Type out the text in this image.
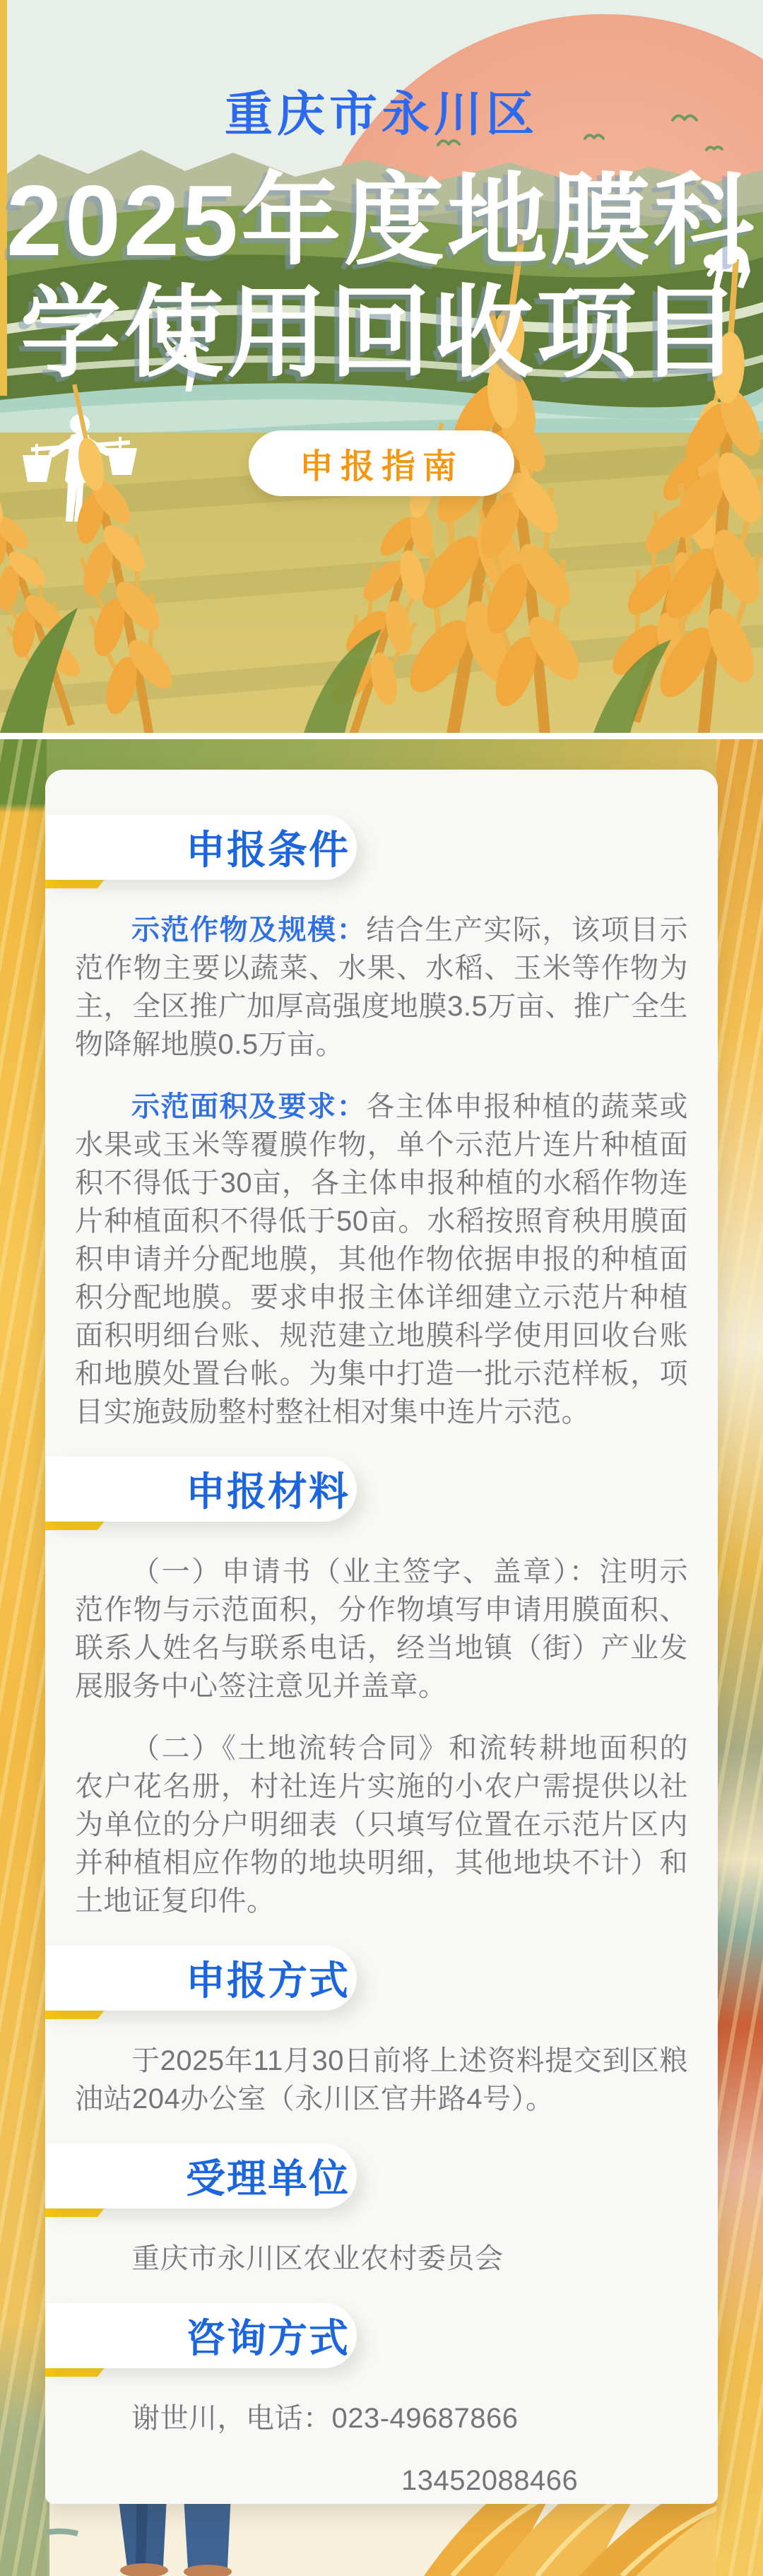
重庆市永川区
2025年度地膜科
学使用回收项目
申报指南
申报条件

示范作物及规模：结合生产实际，该项目示范作物主要以蔬菜、水果、水稻、玉米等作物为主，全区推广加厚高强度地膜3.5万亩、推广全生物降解地膜0.5万亩。

示范面积及要求：各主体申报种植的蔬菜或水果或玉米等覆膜作物，单个示范片连片种植面积不得低于30亩，各主体申报种植的水稻作物连片种植面积不得低于50亩。水稻按照育秧用膜面积申请并分配地膜，其他作物依据申报的种植面积分配地膜。要求申报主体详细建立示范片种植面积明细台账、规范建立地膜科学使用回收台账和地膜处置台帐。为集中打造一批示范样板，项目实施鼓励整村整社相对集中连片示范。

申报材料

（一）申请书（业主签字、盖章）：注明示范作物与示范面积，分作物填写申请用膜面积、联系人姓名与联系电话，经当地镇（街）产业发展服务中心签注意见并盖章。

（二）《土地流转合同》和流转耕地面积的农户花名册，村社连片实施的小农户需提供以社为单位的分户明细表（只填写位置在示范片区内并种植相应作物的地块明细，其他地块不计）和土地证复印件。

申报方式

于2025年11月30日前将上述资料提交到区粮油站204办公室（永川区官井路4号）。

受理单位

重庆市永川区农业农村委员会

咨询方式

谢世川，电话：023-49687866

13452088466
